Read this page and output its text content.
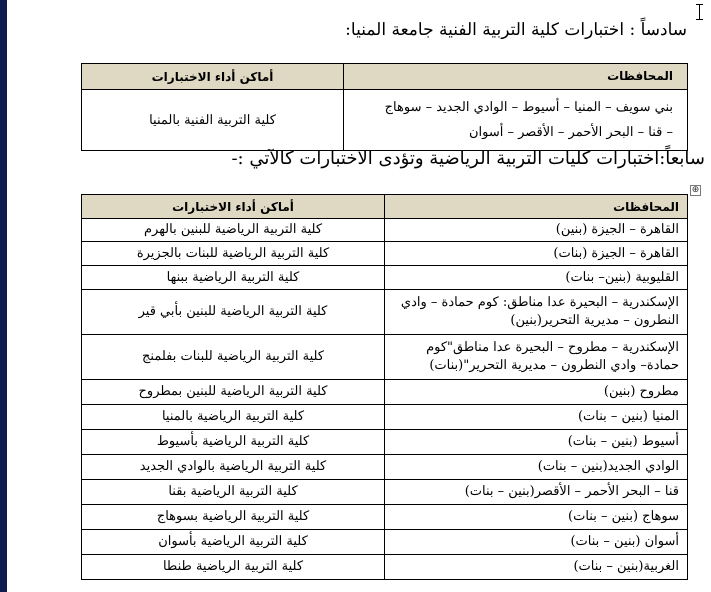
سادساً : اختبارات كلية التربية الفنية جامعة المنيا:
المحافظات	أماكن أداء الاختبارات

بني سويف – المنيا – أسيوط – الوادي الجديد – سوهاج
– قنا – البحر الأحمر – الأقصر – أسوان	كلية التربية الفنية بالمنيا
سابعاً:اختبارات كليات التربية الرياضية وتؤدى الاختبارات كالآتي :-
⊕
المحافظات	أماكن أداء الاختبارات
القاهرة – الجيزة (بنين)	كلية التربية الرياضية للبنين بالهرم
القاهرة – الجيزة (بنات)	كلية التربية الرياضية للبنات بالجزيرة
القليوبية (بنين– بنات)	كلية التربية الرياضية ببنها
الإسكندرية – البحيرة عدا مناطق: كوم حمادة – وادي النطرون – مديرية التحرير(بنين)	كلية التربية الرياضية للبنين بأبي قير
الإسكندرية – مطروح – البحيرة عدا مناطق"كوم حمادة– وادي النطرون – مديرية التحرير"(بنات)	كلية التربية الرياضية للبنات بفلمنج
مطروح (بنين)	كلية التربية الرياضية للبنين بمطروح
المنيا (بنين – بنات)	كلية التربية الرياضية بالمنيا
أسيوط (بنين – بنات)	كلية التربية الرياضية بأسيوط
الوادي الجديد(بنين – بنات)	كلية التربية الرياضية بالوادي الجديد
قنا – البحر الأحمر – الأقصر(بنين – بنات)	كلية التربية الرياضية بقنا
سوهاج (بنين – بنات)	كلية التربية الرياضية بسوهاج
أسوان (بنين – بنات)	كلية التربية الرياضية بأسوان
الغربية(بنين – بنات)	كلية التربية الرياضية طنطا
